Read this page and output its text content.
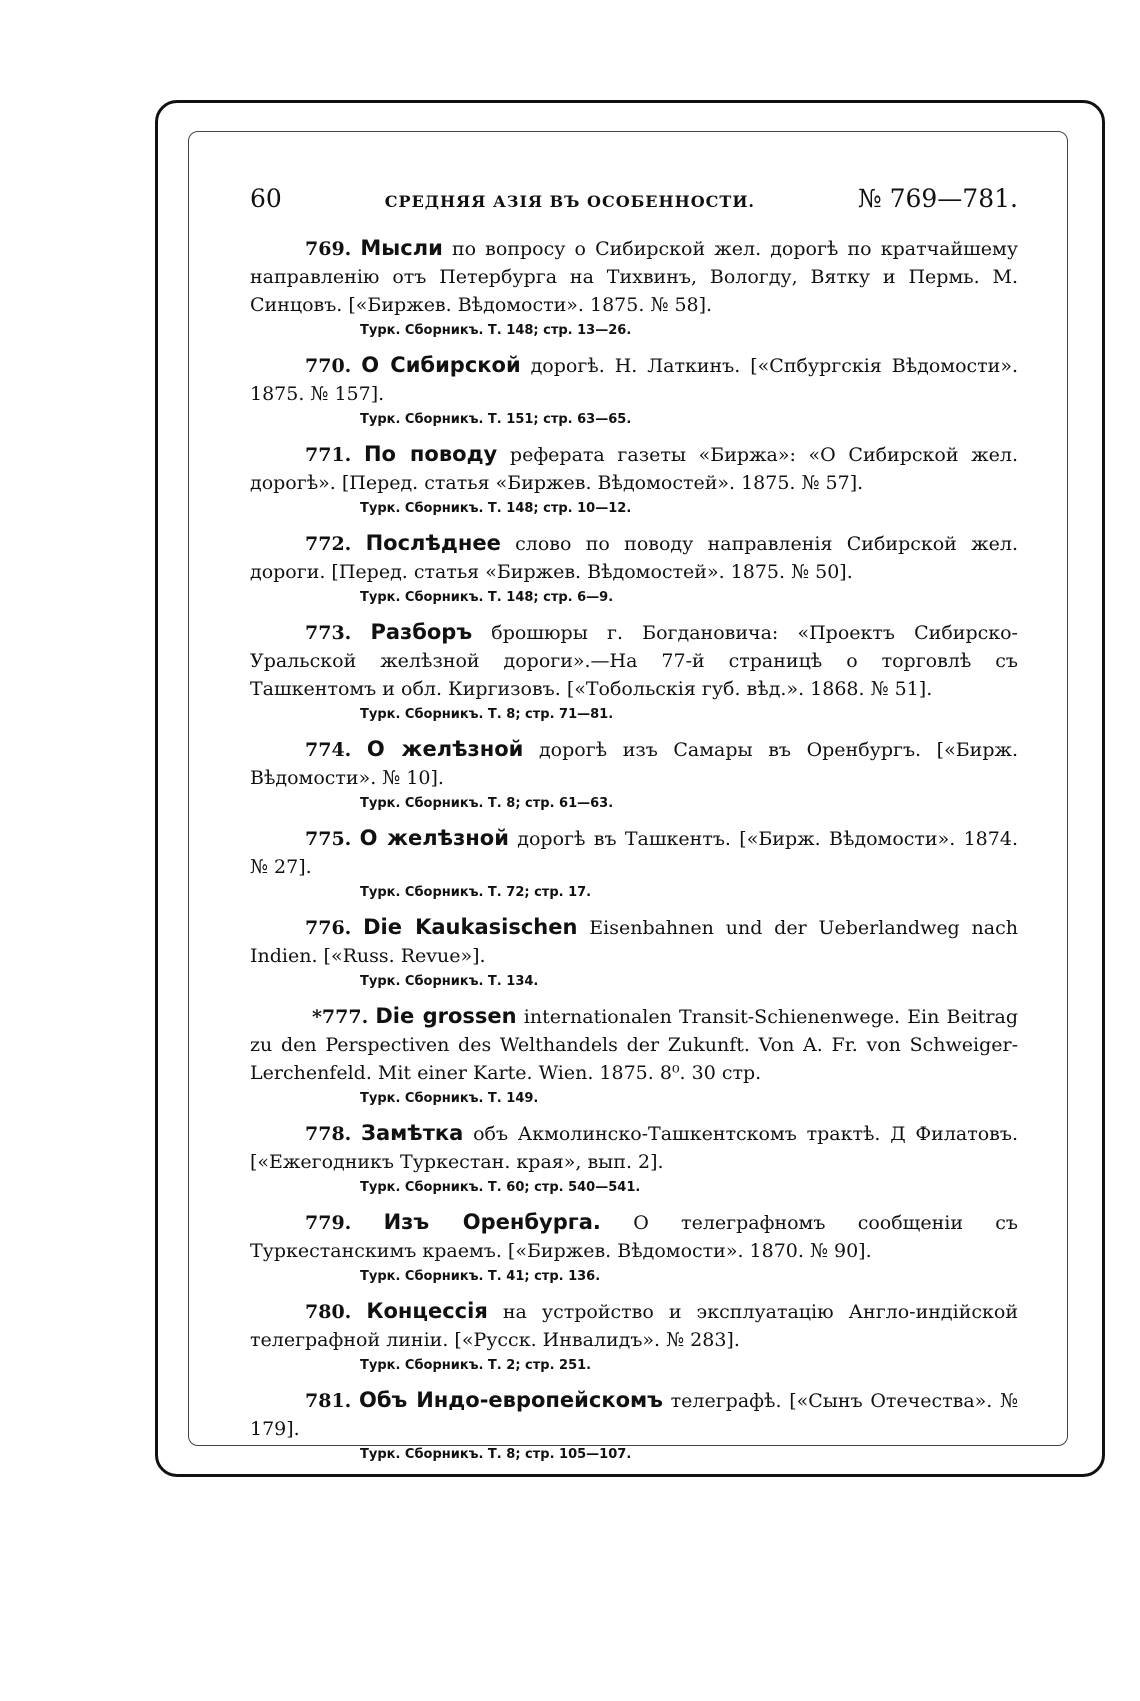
60	СРЕДНЯЯ АЗІЯ ВЪ ОСОБЕННОСТИ.	№ 769—781.
769. Мысли по вопросу о Сибирской жел. дорогѣ по кратчайшему направленію отъ Петербурга на Тихвинъ, Вологду, Вятку и Пермь. М. Синцовъ. [«Биржев. Вѣдомости». 1875. № 58].
Турк. Сборникъ. Т. 148; стр. 13—26.
770. О Сибирской дорогѣ. Н. Латкинъ. [«Спбургскія Вѣдомости». 1875. № 157].
Турк. Сборникъ. Т. 151; стр. 63—65.
771. По поводу реферата газеты «Биржа»: «О Сибирской жел. дорогѣ». [Перед. статья «Биржев. Вѣдомостей». 1875. № 57].
Турк. Сборникъ. Т. 148; стр. 10—12.
772. Послѣднее слово по поводу направленія Сибирской жел. дороги. [Перед. статья «Биржев. Вѣдомостей». 1875. № 50].
Турк. Сборникъ. Т. 148; стр. 6—9.
773. Разборъ брошюры г. Богдановича: «Проектъ Сибирско-Уральской желѣзной дороги».—На 77-й страницѣ о торговлѣ съ Ташкентомъ и обл. Киргизовъ. [«Тобольскія губ. вѣд.». 1868. № 51].
Турк. Сборникъ. Т. 8; стр. 71—81.
774. О желѣзной дорогѣ изъ Самары въ Оренбургъ. [«Бирж. Вѣдомости». № 10].
Турк. Сборникъ. Т. 8; стр. 61—63.
775. О желѣзной дорогѣ въ Ташкентъ. [«Бирж. Вѣдомости». 1874. № 27].
Турк. Сборникъ. Т. 72; стр. 17.
776. Die Kaukasischen Eisenbahnen und der Ueberlandweg nach Indien. [«Russ. Revue»].
Турк. Сборникъ. Т. 134.
*777. Die grossen internationalen Transit-Schienenwege. Ein Beitrag zu den Perspectiven des Welthandels der Zukunft. Von A. Fr. von Schweiger-Lerchenfeld. Mit einer Karte. Wien. 1875. 8⁰. 30 стр.
Турк. Сборникъ. Т. 149.
778. Замѣтка объ Акмолинско-Ташкентскомъ трактѣ. Д Филатовъ. [«Ежегодникъ Туркестан. края», вып. 2].
Турк. Сборникъ. Т. 60; стр. 540—541.
779. Изъ Оренбурга. О телеграфномъ сообщеніи съ Туркестанскимъ краемъ. [«Биржев. Вѣдомости». 1870. № 90].
Турк. Сборникъ. Т. 41; стр. 136.
780. Концессія на устройство и эксплуатацію Англо-индійской телеграфной линіи. [«Русск. Инвалидъ». № 283].
Турк. Сборникъ. Т. 2; стр. 251.
781. Объ Индо-европейскомъ телеграфѣ. [«Сынъ Отечества». № 179].
Турк. Сборникъ. Т. 8; стр. 105—107.
